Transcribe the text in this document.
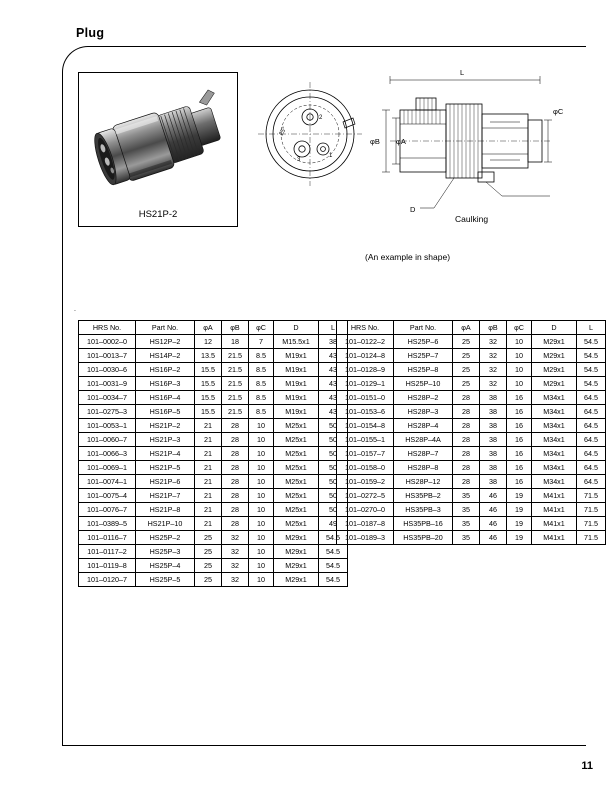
Plug
HS21P-2
25°
2
3
1
L
φB φA
φC
D
Caulking
(An example in shape)
.
HRS No.	Part No.	φA	φB	φC	D	L
101–0002–0	HS12P–2	12	18	7	M15.5x1	38
101–0013–7	HS14P–2	13.5	21.5	8.5	M19x1	43
101–0030–6	HS16P–2	15.5	21.5	8.5	M19x1	43
101–0031–9	HS16P–3	15.5	21.5	8.5	M19x1	43
101–0034–7	HS16P–4	15.5	21.5	8.5	M19x1	43
101–0275–3	HS16P–5	15.5	21.5	8.5	M19x1	43
101–0053–1	HS21P–2	21	28	10	M25x1	50
101–0060–7	HS21P–3	21	28	10	M25x1	50
101–0066–3	HS21P–4	21	28	10	M25x1	50
101–0069–1	HS21P–5	21	28	10	M25x1	50
101–0074–1	HS21P–6	21	28	10	M25x1	50
101–0075–4	HS21P–7	21	28	10	M25x1	50
101–0076–7	HS21P–8	21	28	10	M25x1	50
101–0389–5	HS21P–10	21	28	10	M25x1	49
101–0116–7	HS25P–2	25	32	10	M29x1	54.5
101–0117–2	HS25P–3	25	32	10	M29x1	54.5
101–0119–8	HS25P–4	25	32	10	M29x1	54.5
101–0120–7	HS25P–5	25	32	10	M29x1	54.5
HRS No.	Part No.	φA	φB	φC	D	L
101–0122–2	HS25P–6	25	32	10	M29x1	54.5
101–0124–8	HS25P–7	25	32	10	M29x1	54.5
101–0128–9	HS25P–8	25	32	10	M29x1	54.5
101–0129–1	HS25P–10	25	32	10	M29x1	54.5
101–0151–0	HS28P–2	28	38	16	M34x1	64.5
101–0153–6	HS28P–3	28	38	16	M34x1	64.5
101–0154–8	HS28P–4	28	38	16	M34x1	64.5
101–0155–1	HS28P–4A	28	38	16	M34x1	64.5
101–0157–7	HS28P–7	28	38	16	M34x1	64.5
101–0158–0	HS28P–8	28	38	16	M34x1	64.5
101–0159–2	HS28P–12	28	38	16	M34x1	64.5
101–0272–5	HS35PB–2	35	46	19	M41x1	71.5
101–0270–0	HS35PB–3	35	46	19	M41x1	71.5
101–0187–8	HS35PB–16	35	46	19	M41x1	71.5
101–0189–3	HS35PB–20	35	46	19	M41x1	71.5
11
